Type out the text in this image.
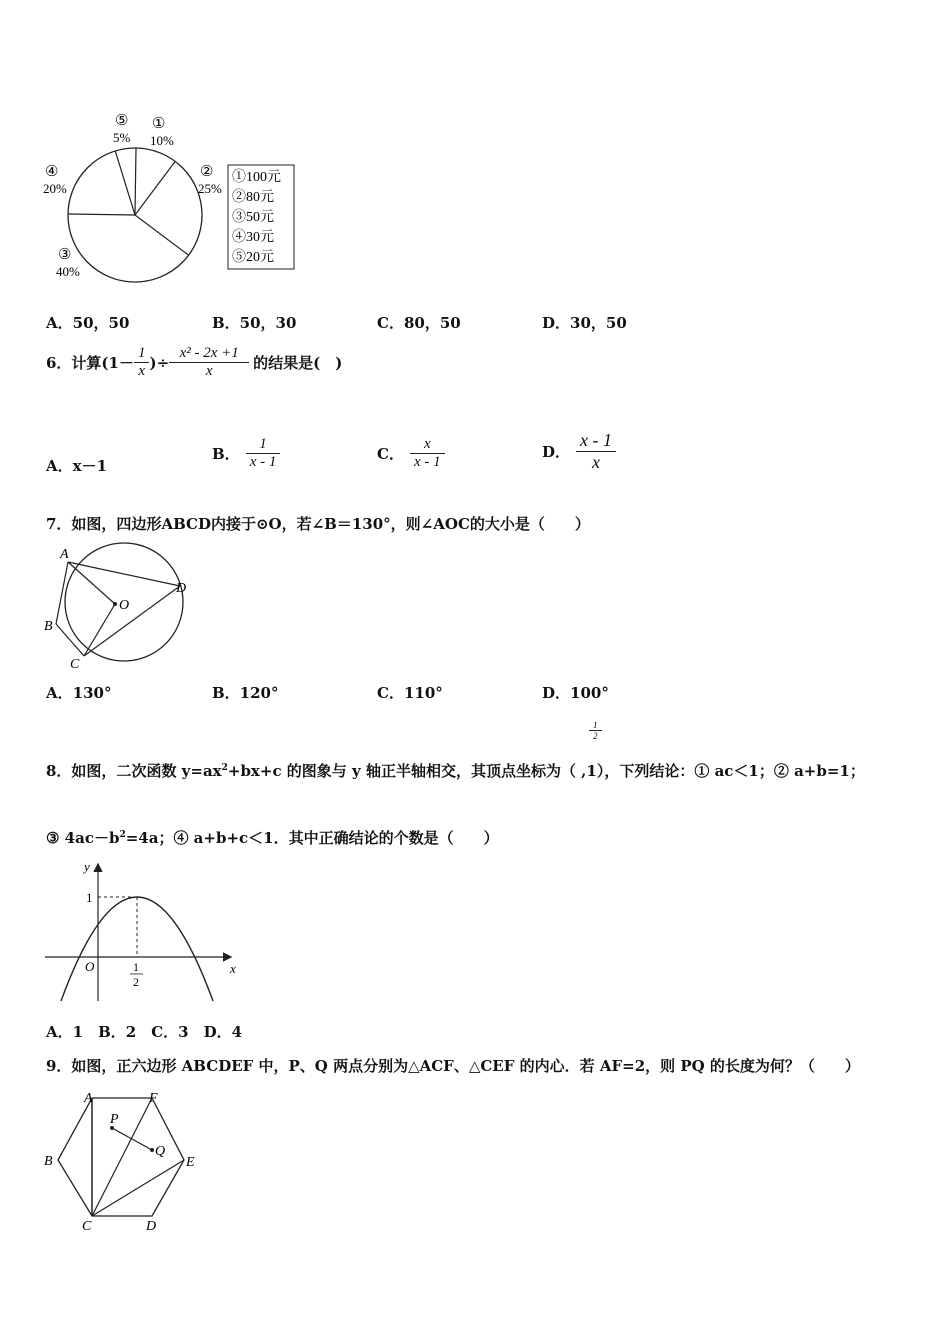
①100元
②80元
③50元
④30元
⑤20元
⑤
5%
①
10%
②
25%
③
40%
④
20%
A．50，50	B．50，30	C．80，50	D．30，50
6．计算($1- \frac{1}{x}$ )÷ $\frac{\text{x² - 2x +1}}{x}$ 的结果是(　)
A．x－1
B． $\frac{1}{x - 1}$	C． $\frac{x}{x - 1}$	D． $\frac{x - 1}{x}$
7．如图，四边形ABCD内接于⊙O，若∠B＝130°，则∠AOC的大小是（　　）
A
B
C
D
O
A．130°	B．120°	C．110°	D．100°
$\frac{1}{2}$
8．如图，二次函数 $y=ax^2+bx+c$ 的图象与 y 轴正半轴相交，其顶点坐标为（ ,1），下列结论：① ac＜1；② a+b=1；
③ $4ac-b^2=4a$；④ a+b+c＜1．其中正确结论的个数是（　　）
y
x
O
1
1
2
A．1　B．2　C．3　D．4
9．如图，正六边形 ABCDEF 中，P、Q 两点分别为△ACF、△CEF 的内心．若 AF=2，则 PQ 的长度为何？（　　）
A	F
B	E
C	D
P
Q
